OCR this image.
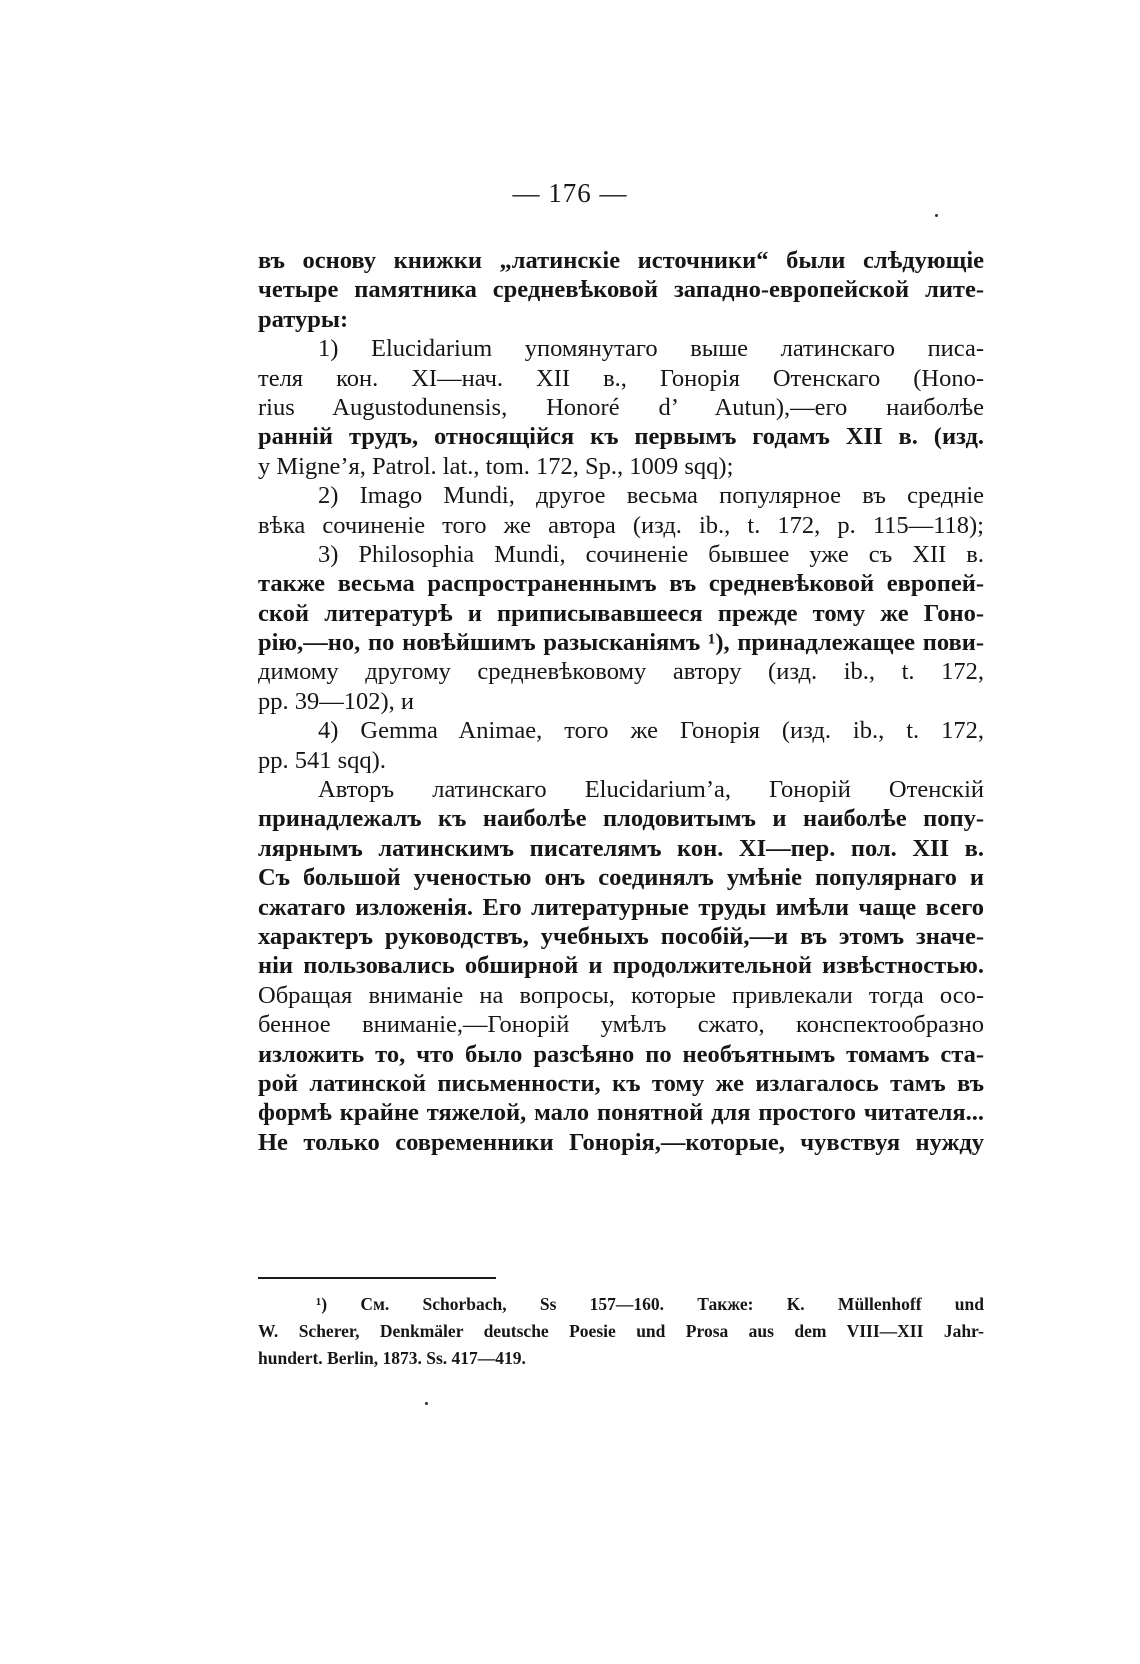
— 176 —
въ основу книжки „латинскіе источники“ были слѣдующіе
четыре памятника средневѣковой западно-европейской лите-
ратуры:
1) Elucidarium упомянутаго выше латинскаго писа-
теля кон. XI—нач. XII в., Гонорія Отенскаго (Hono-
rius Augustodunensis, Honoré d’ Autun),—его наиболѣе
ранній трудъ, относящійся къ первымъ годамъ XII в. (изд.
у Migne’я, Patrol. lat., tom. 172, Sp., 1009 sqq);
2) Imago Mundi, другое весьма популярное въ средніе
вѣка сочиненіе того же автора (изд. ib., t. 172, p. 115—118);
3) Philosophia Mundi, сочиненіе бывшее уже съ XII в.
также весьма распространеннымъ въ средневѣковой европей-
ской литературѣ и приписывавшееся прежде тому же Гоно-
рію,—но, по новѣйшимъ разысканіямъ ¹), принадлежащее пови-
димому другому средневѣковому автору (изд. ib., t. 172,
pp. 39—102), и
4) Gemma Animae, того же Гонорія (изд. ib., t. 172,
pp. 541 sqq).
Авторъ латинскаго Elucidarium’а, Гонорій Отенскій
принадлежалъ къ наиболѣе плодовитымъ и наиболѣе попу-
лярнымъ латинскимъ писателямъ кон. XI—пер. пол. XII в.
Съ большой ученостью онъ соединялъ умѣніе популярнаго и
сжатаго изложенія. Его литературные труды имѣли чаще всего
характеръ руководствъ, учебныхъ пособій,—и въ этомъ значе-
ніи пользовались обширной и продолжительной извѣстностью.
Обращая вниманіе на вопросы, которые привлекали тогда осо-
бенное вниманіе,—Гонорій умѣлъ сжато, конспектообразно
изложить то, что было разсѣяно по необъятнымъ томамъ ста-
рой латинской письменности, къ тому же излагалось тамъ въ
формѣ крайне тяжелой, мало понятной для простого читателя...
Не только современники Гонорія,—которые, чувствуя нужду
¹) См. Schorbach, Ss 157—160. Также: K. Müllenhoff und
W. Scherer, Denkmäler deutsche Poesie und Prosa aus dem VIII—XII Jahr-
hundert. Berlin, 1873. Ss. 417—419.
